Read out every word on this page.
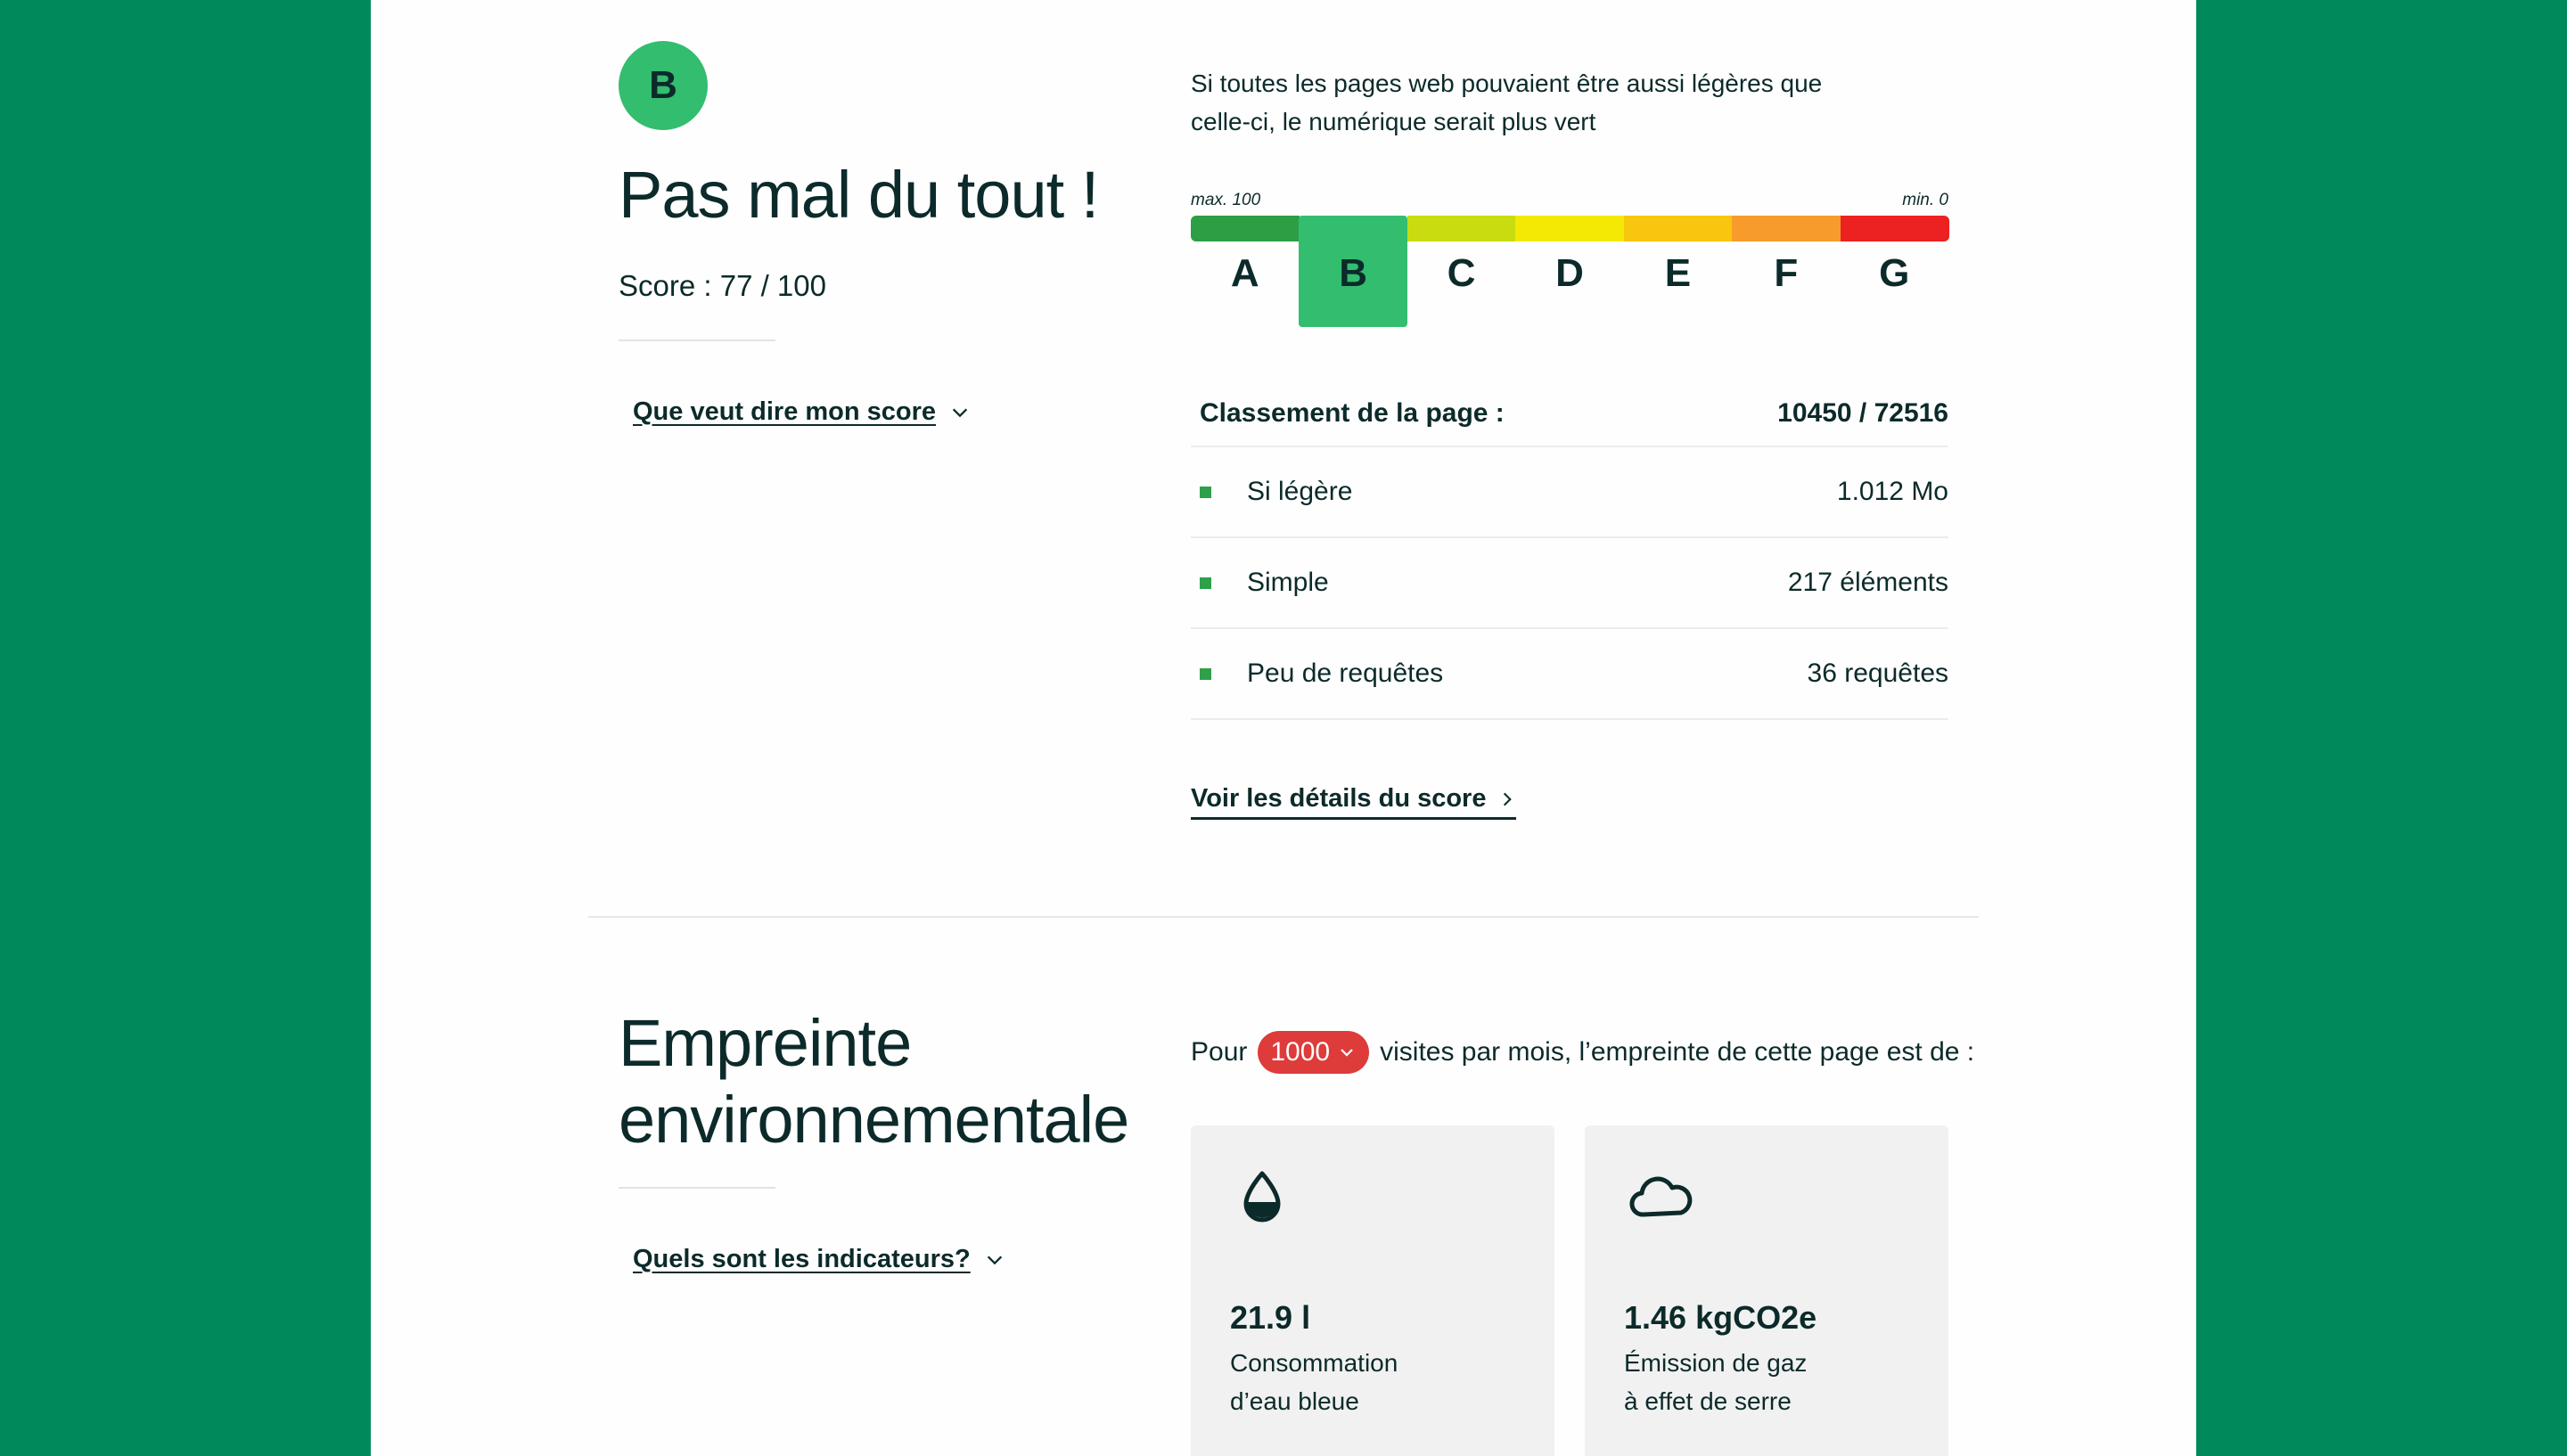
B
Pas mal du tout !
Score : 77 / 100
Que veut dire mon score
Si toutes les pages web pouvaient être aussi légères que celle-ci, le numérique serait plus vert
max. 100	min. 0
A B C D E F G
Classement de la page :	10450 / 72516
Si légère	1.012 Mo
Simple	217 éléments
Peu de requêtes	36 requêtes
Voir les détails du score
Empreinte
environnementale
Quels sont les indicateurs?
Pour 1000 visites par mois, l’empreinte de cette page est de :
21.9 l
Consommation
d’eau bleue
1.46 kgCO2e
Émission de gaz
à effet de serre
